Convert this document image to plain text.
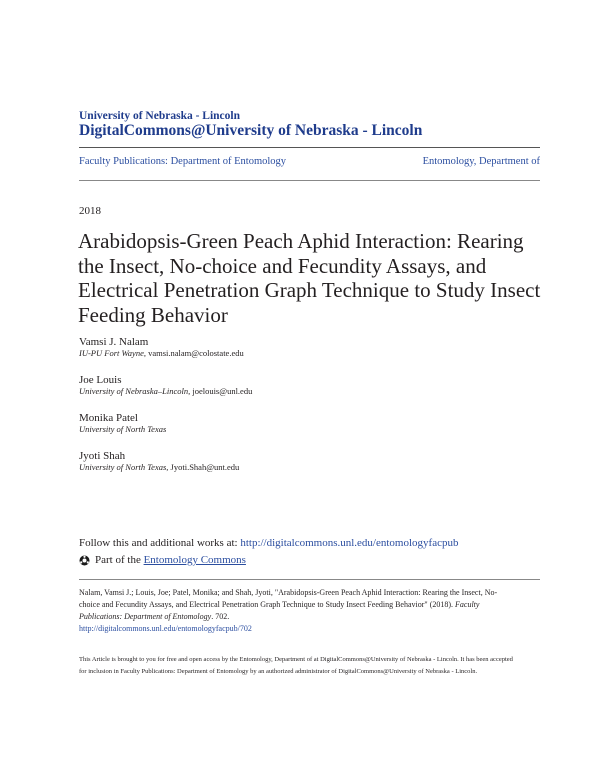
University of Nebraska - Lincoln
DigitalCommons@University of Nebraska - Lincoln
Faculty Publications: Department of Entomology	Entomology, Department of
2018
Arabidopsis-Green Peach Aphid Interaction: Rearing the Insect, No-choice and Fecundity Assays, and Electrical Penetration Graph Technique to Study Insect Feeding Behavior
Vamsi J. Nalam
IU-PU Fort Wayne, vamsi.nalam@colostate.edu
Joe Louis
University of Nebraska–Lincoln, joelouis@unl.edu
Monika Patel
University of North Texas
Jyoti Shah
University of North Texas, Jyoti.Shah@unt.edu
Follow this and additional works at: http://digitalcommons.unl.edu/entomologyfacpub
Part of the Entomology Commons
Nalam, Vamsi J.; Louis, Joe; Patel, Monika; and Shah, Jyoti, "Arabidopsis-Green Peach Aphid Interaction: Rearing the Insect, No-choice and Fecundity Assays, and Electrical Penetration Graph Technique to Study Insect Feeding Behavior" (2018). Faculty Publications: Department of Entomology. 702.
http://digitalcommons.unl.edu/entomologyfacpub/702
This Article is brought to you for free and open access by the Entomology, Department of at DigitalCommons@University of Nebraska - Lincoln. It has been accepted for inclusion in Faculty Publications: Department of Entomology by an authorized administrator of DigitalCommons@University of Nebraska - Lincoln.
